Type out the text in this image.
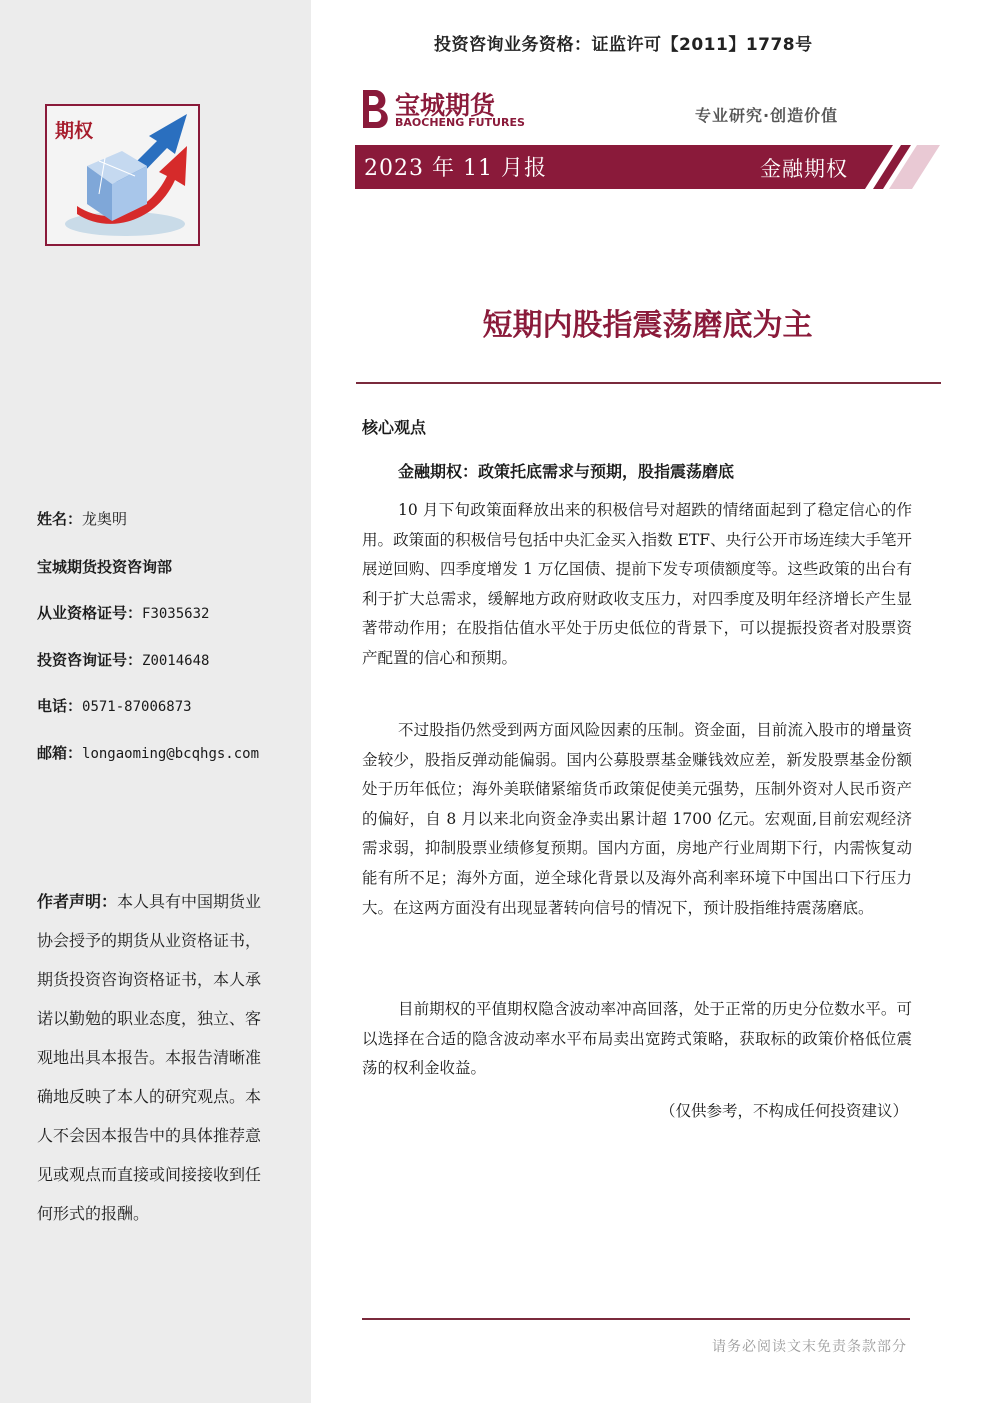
期权
姓名：龙奥明
宝城期货投资咨询部
从业资格证号：F3035632
投资咨询证号：Z0014648
电话：0571-87006873
邮箱：longaoming@bcqhgs.com
作者声明：本人具有中国期货业协会授予的期货从业资格证书，期货投资咨询资格证书，本人承诺以勤勉的职业态度，独立、客观地出具本报告。本报告清晰准确地反映了本人的研究观点。本人不会因本报告中的具体推荐意见或观点而直接或间接接收到任何形式的报酬。
投资咨询业务资格：证监许可【2011】1778号
宝城期货
BAOCHENG FUTURES	专业研究·创造价值
2023 年 11 月报	金融期权
短期内股指震荡磨底为主
核心观点
金融期权：政策托底需求与预期，股指震荡磨底

10 月下旬政策面释放出来的积极信号对超跌的情绪面起到了稳定信心的作用。政策面的积极信号包括中央汇金买入指数 ETF、央行公开市场连续大手笔开展逆回购、四季度增发 1 万亿国债、提前下发专项债额度等。这些政策的出台有利于扩大总需求，缓解地方政府财政收支压力，对四季度及明年经济增长产生显著带动作用；在股指估值水平处于历史低位的背景下，可以提振投资者对股票资产配置的信心和预期。

不过股指仍然受到两方面风险因素的压制。资金面，目前流入股市的增量资金较少，股指反弹动能偏弱。国内公募股票基金赚钱效应差，新发股票基金份额处于历年低位；海外美联储紧缩货币政策促使美元强势，压制外资对人民币资产的偏好，自 8 月以来北向资金净卖出累计超 1700 亿元。宏观面,目前宏观经济需求弱，抑制股票业绩修复预期。国内方面，房地产行业周期下行，内需恢复动能有所不足；海外方面，逆全球化背景以及海外高利率环境下中国出口下行压力大。在这两方面没有出现显著转向信号的情况下，预计股指维持震荡磨底。

目前期权的平值期权隐含波动率冲高回落，处于正常的历史分位数水平。可以选择在合适的隐含波动率水平布局卖出宽跨式策略，获取标的政策价格低位震荡的权利金收益。

（仅供参考，不构成任何投资建议）
请务必阅读文末免责条款部分
